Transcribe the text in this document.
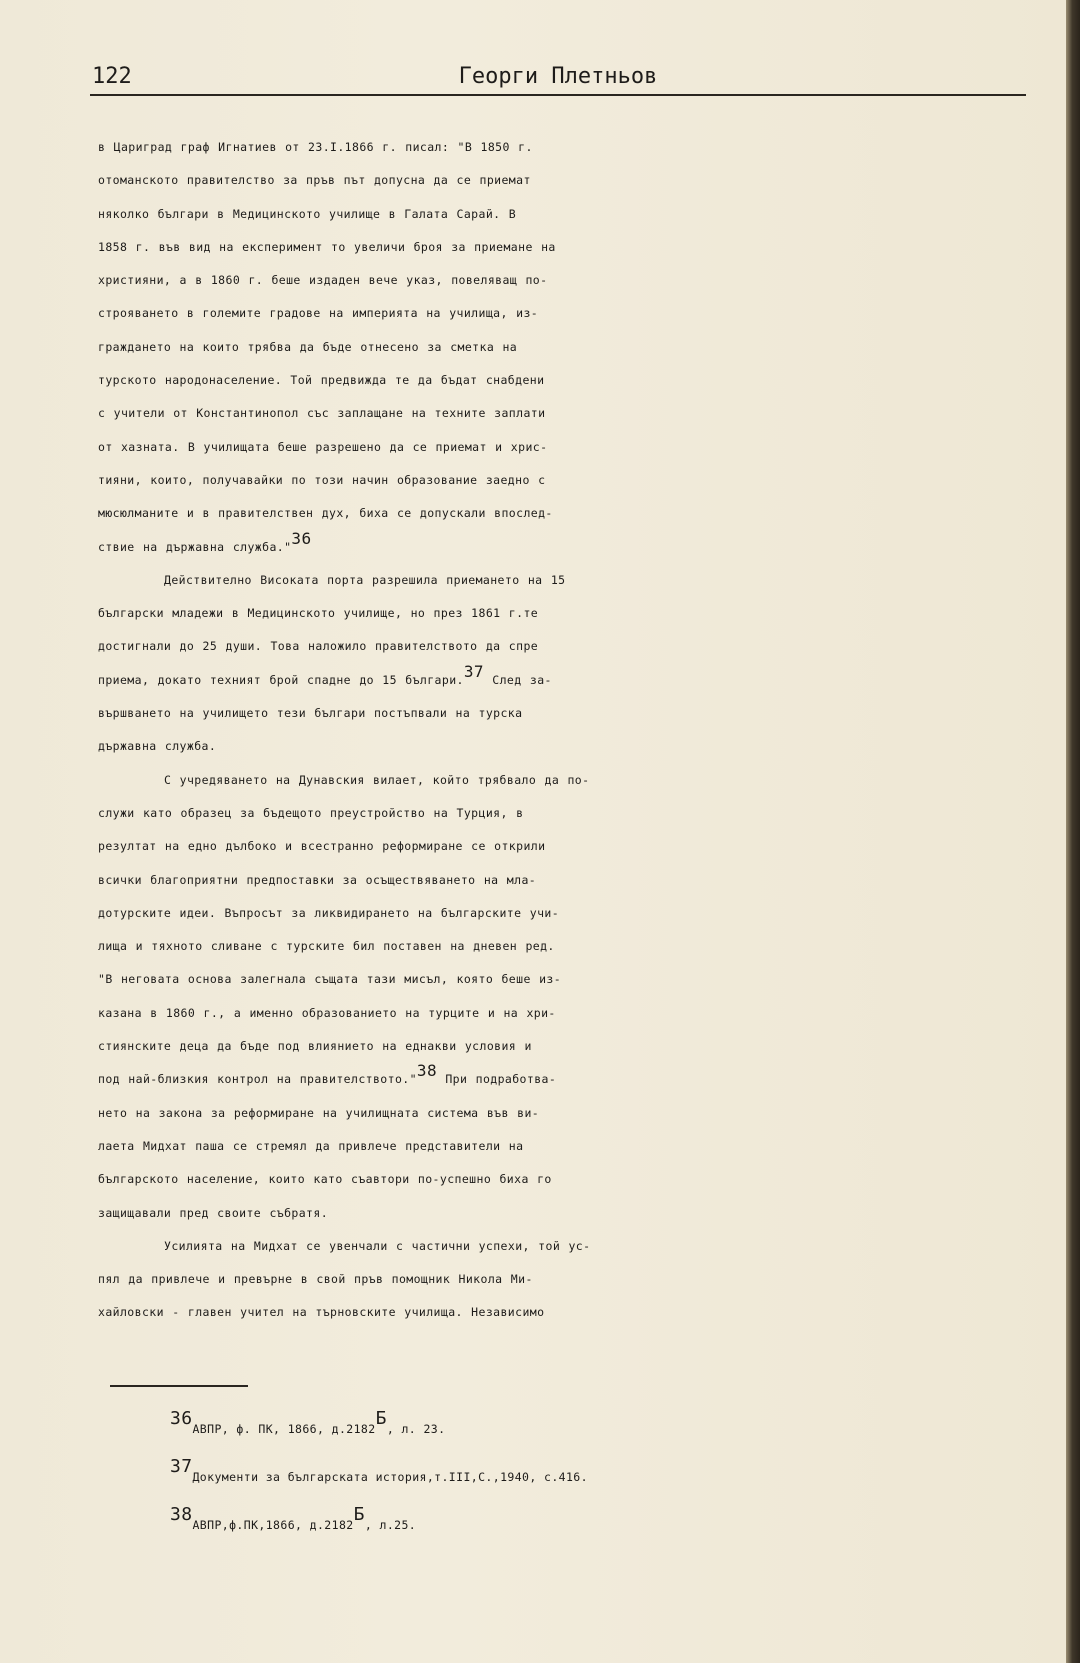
122	Георги Плетньов
в Цариград граф Игнатиев от 23.I.1866 г. писал: "В 1850 г.
отоманското правителство за пръв път допусна да се приемат
няколко българи в Медицинското училище в Галата Сарай. В
1858 г. във вид на експеримент то увеличи броя за приемане на
християни, а в 1860 г. беше издаден вече указ, повеляващ по-
строяването в големите градове на империята на училища, из-
граждането на които трябва да бъде отнесено за сметка на
турското народонаселение. Той предвижда те да бъдат снабдени
с учители от Константинопол със заплащане на техните заплати
от хазната. В училищата беше разрешено да се приемат и хрис-
тияни, които, получавайки по този начин образование заедно с
мюсюлманите и в правителствен дух, биха се допускали впослед-
ствие на държавна служба."$^{36}$
Действително Високата порта разрешила приемането на 15
български младежи в Медицинското училище, но през 1861 г.те
достигнали до 25 души. Това наложило правителството да спре
приема, докато техният брой спадне до 15 българи.$^{37}$ След за-
вършването на училището тези българи постъпвали на турска
държавна служба.
С учредяването на Дунавския вилает, който трябвало да по-
служи като образец за бъдещото преустройство на Турция, в
резултат на едно дълбоко и всестранно реформиране се открили
всички благоприятни предпоставки за осъществяването на мла-
дотурските идеи. Въпросът за ликвидирането на българските учи-
лища и тяхното сливане с турските бил поставен на дневен ред.
"В неговата основа залегнала същата тази мисъл, която беше из-
казана в 1860 г., а именно образованието на турците и на хри-
стиянските деца да бъде под влиянието на еднакви условия и
под най-близкия контрол на правителството."$^{38}$ При подработва-
нето на закона за реформиране на училищната система във ви-
лаета Мидхат паша се стремял да привлече представители на
българското население, които като съавтори по-успешно биха го
защищавали пред своите събратя.
Усилията на Мидхат се увенчали с частични успехи, той ус-
пял да привлече и превърне в свой пръв помощник Никола Ми-
хайловски - главен учител на търновските училища. Независимо
$^{36}$АВПР, ф. ПК, 1866, $д.2182^Б$, л. 23.
$^{37}$Документи за българската история,т.III,С.,1940, с.416.
$^{38}$АВПР,ф.ПК,1866, $д.2182^Б$, л.25.
